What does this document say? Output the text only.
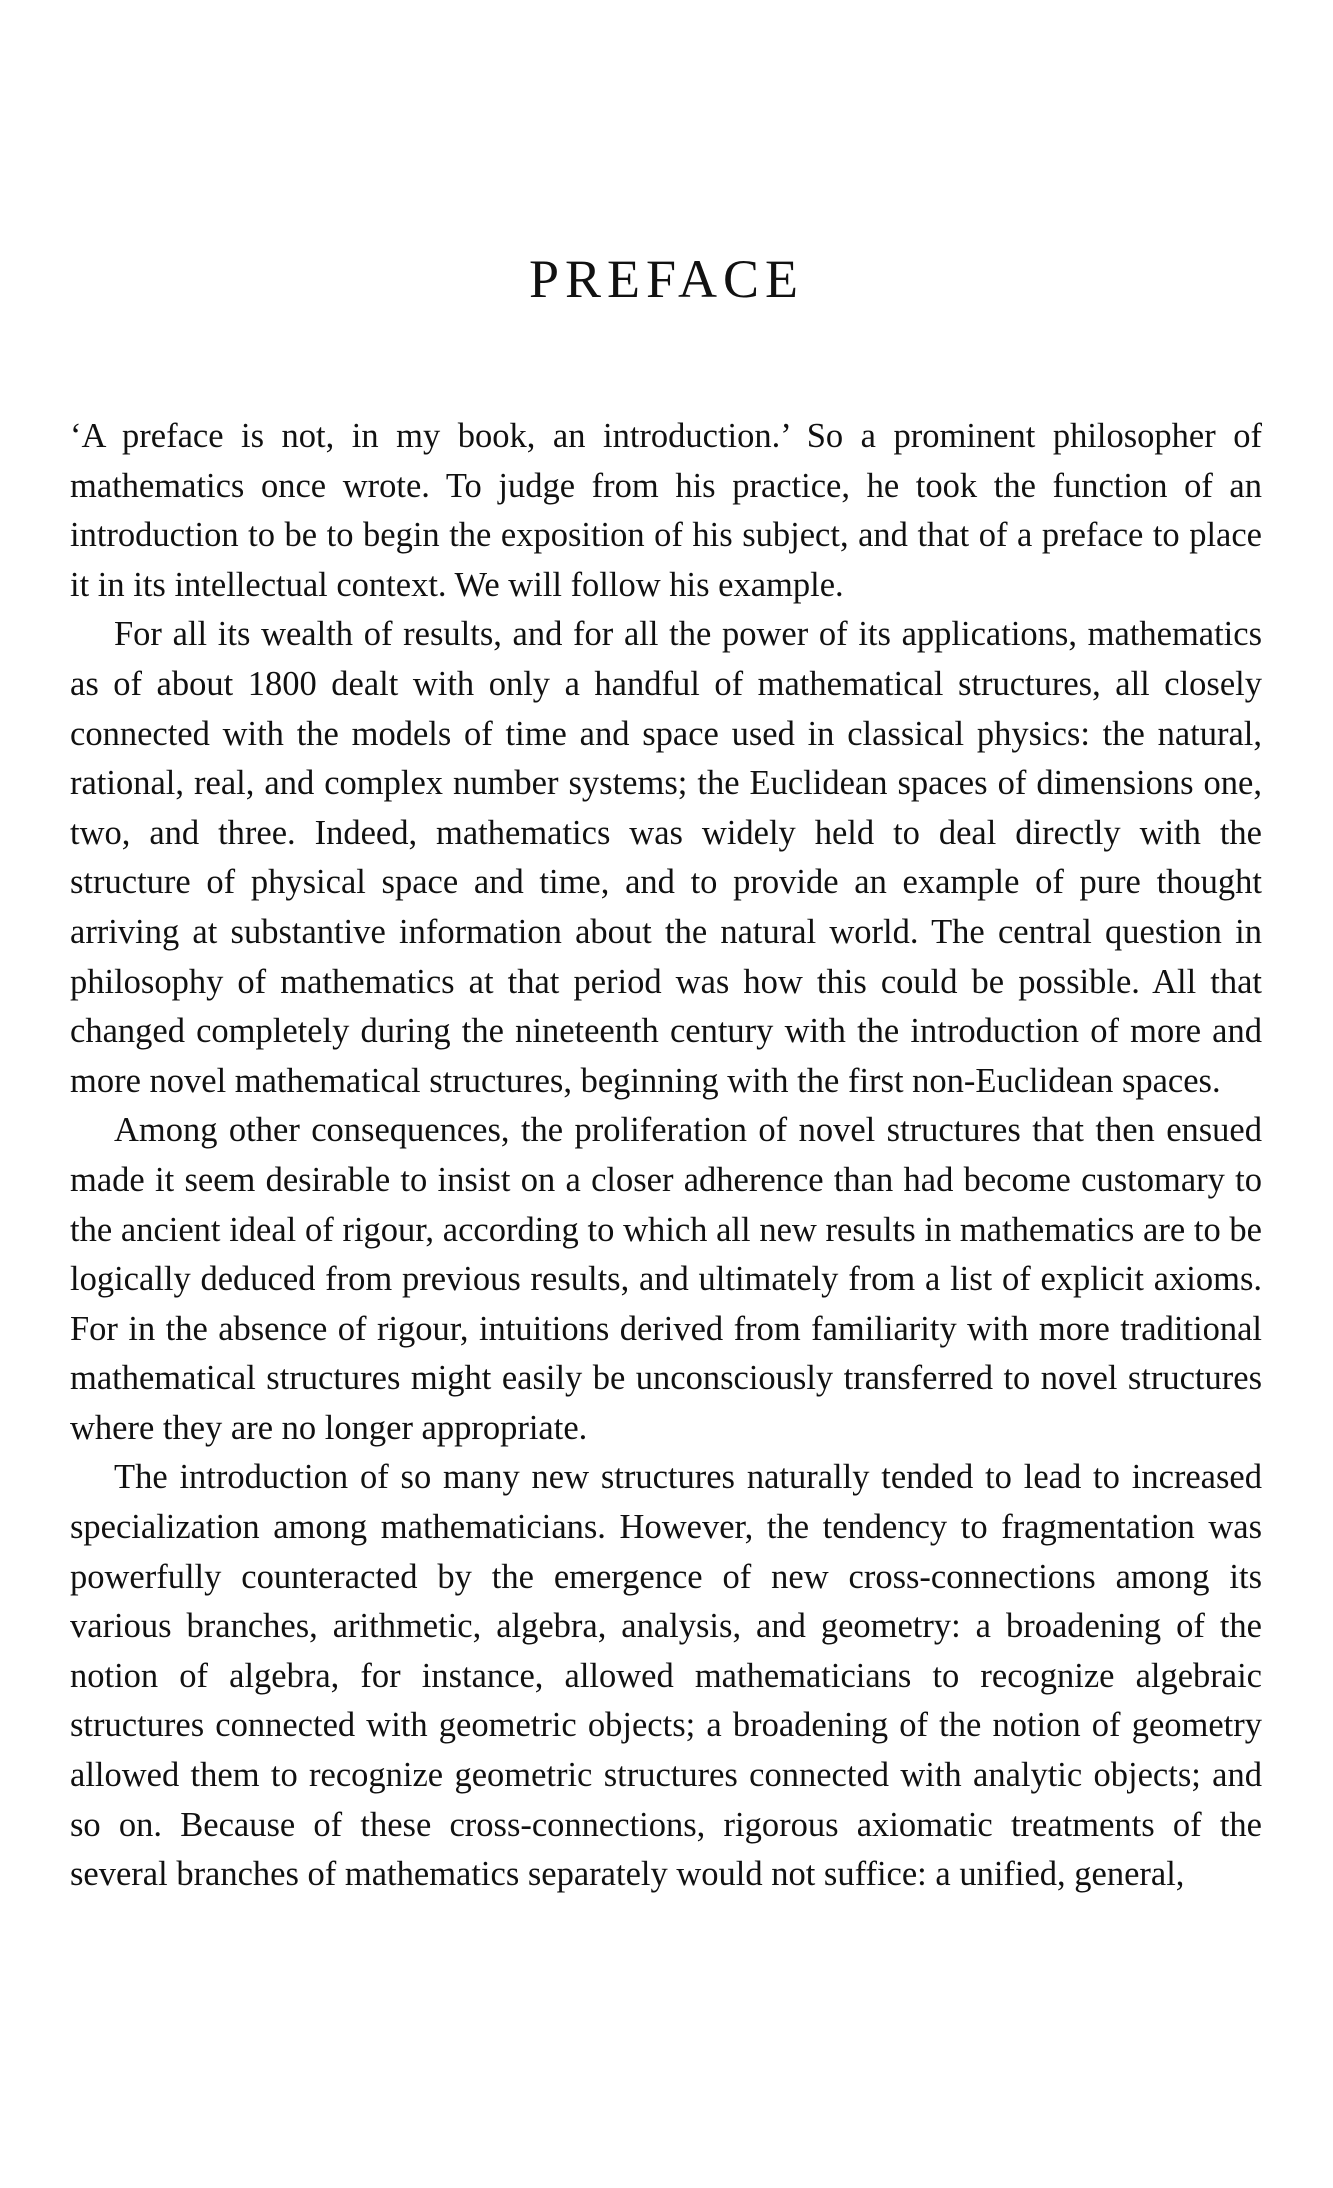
PREFACE

‘A preface is not, in my book, an introduction.’ So a prominent philosopher of mathematics once wrote. To judge from his practice, he took the function of an introduction to be to begin the exposition of his subject, and that of a preface to place it in its intellectual context. We will follow his example.

For all its wealth of results, and for all the power of its applications, mathematics as of about 1800 dealt with only a handful of mathematical structures, all closely connected with the models of time and space used in classical physics: the natural, rational, real, and complex number systems; the Euclidean spaces of dimensions one, two, and three. Indeed, mathematics was widely held to deal directly with the structure of physical space and time, and to provide an example of pure thought arriving at substantive information about the natural world. The central question in philosophy of mathematics at that period was how this could be possible. All that changed completely during the nineteenth century with the introduction of more and more novel mathematical structures, beginning with the first non-Euclidean spaces.

Among other consequences, the proliferation of novel structures that then ensued made it seem desirable to insist on a closer adherence than had become customary to the ancient ideal of rigour, according to which all new results in mathematics are to be logically deduced from previous results, and ultimately from a list of explicit axioms. For in the absence of rigour, intuitions derived from familiarity with more traditional mathematical structures might easily be unconsciously transferred to novel structures where they are no longer appropriate.

The introduction of so many new structures naturally tended to lead to increased specialization among mathematicians. However, the tendency to fragmentation was powerfully counteracted by the emergence of new cross-connections among its various branches, arithmetic, algebra, analysis, and geometry: a broadening of the notion of algebra, for instance, allowed mathematicians to recognize algebraic structures connected with geometric objects; a broadening of the notion of geometry allowed them to recognize geometric structures connected with analytic objects; and so on. Because of these cross-connections, rigorous axiomatic treatments of the several branches of mathematics separately would not suffice: a unified, general,
